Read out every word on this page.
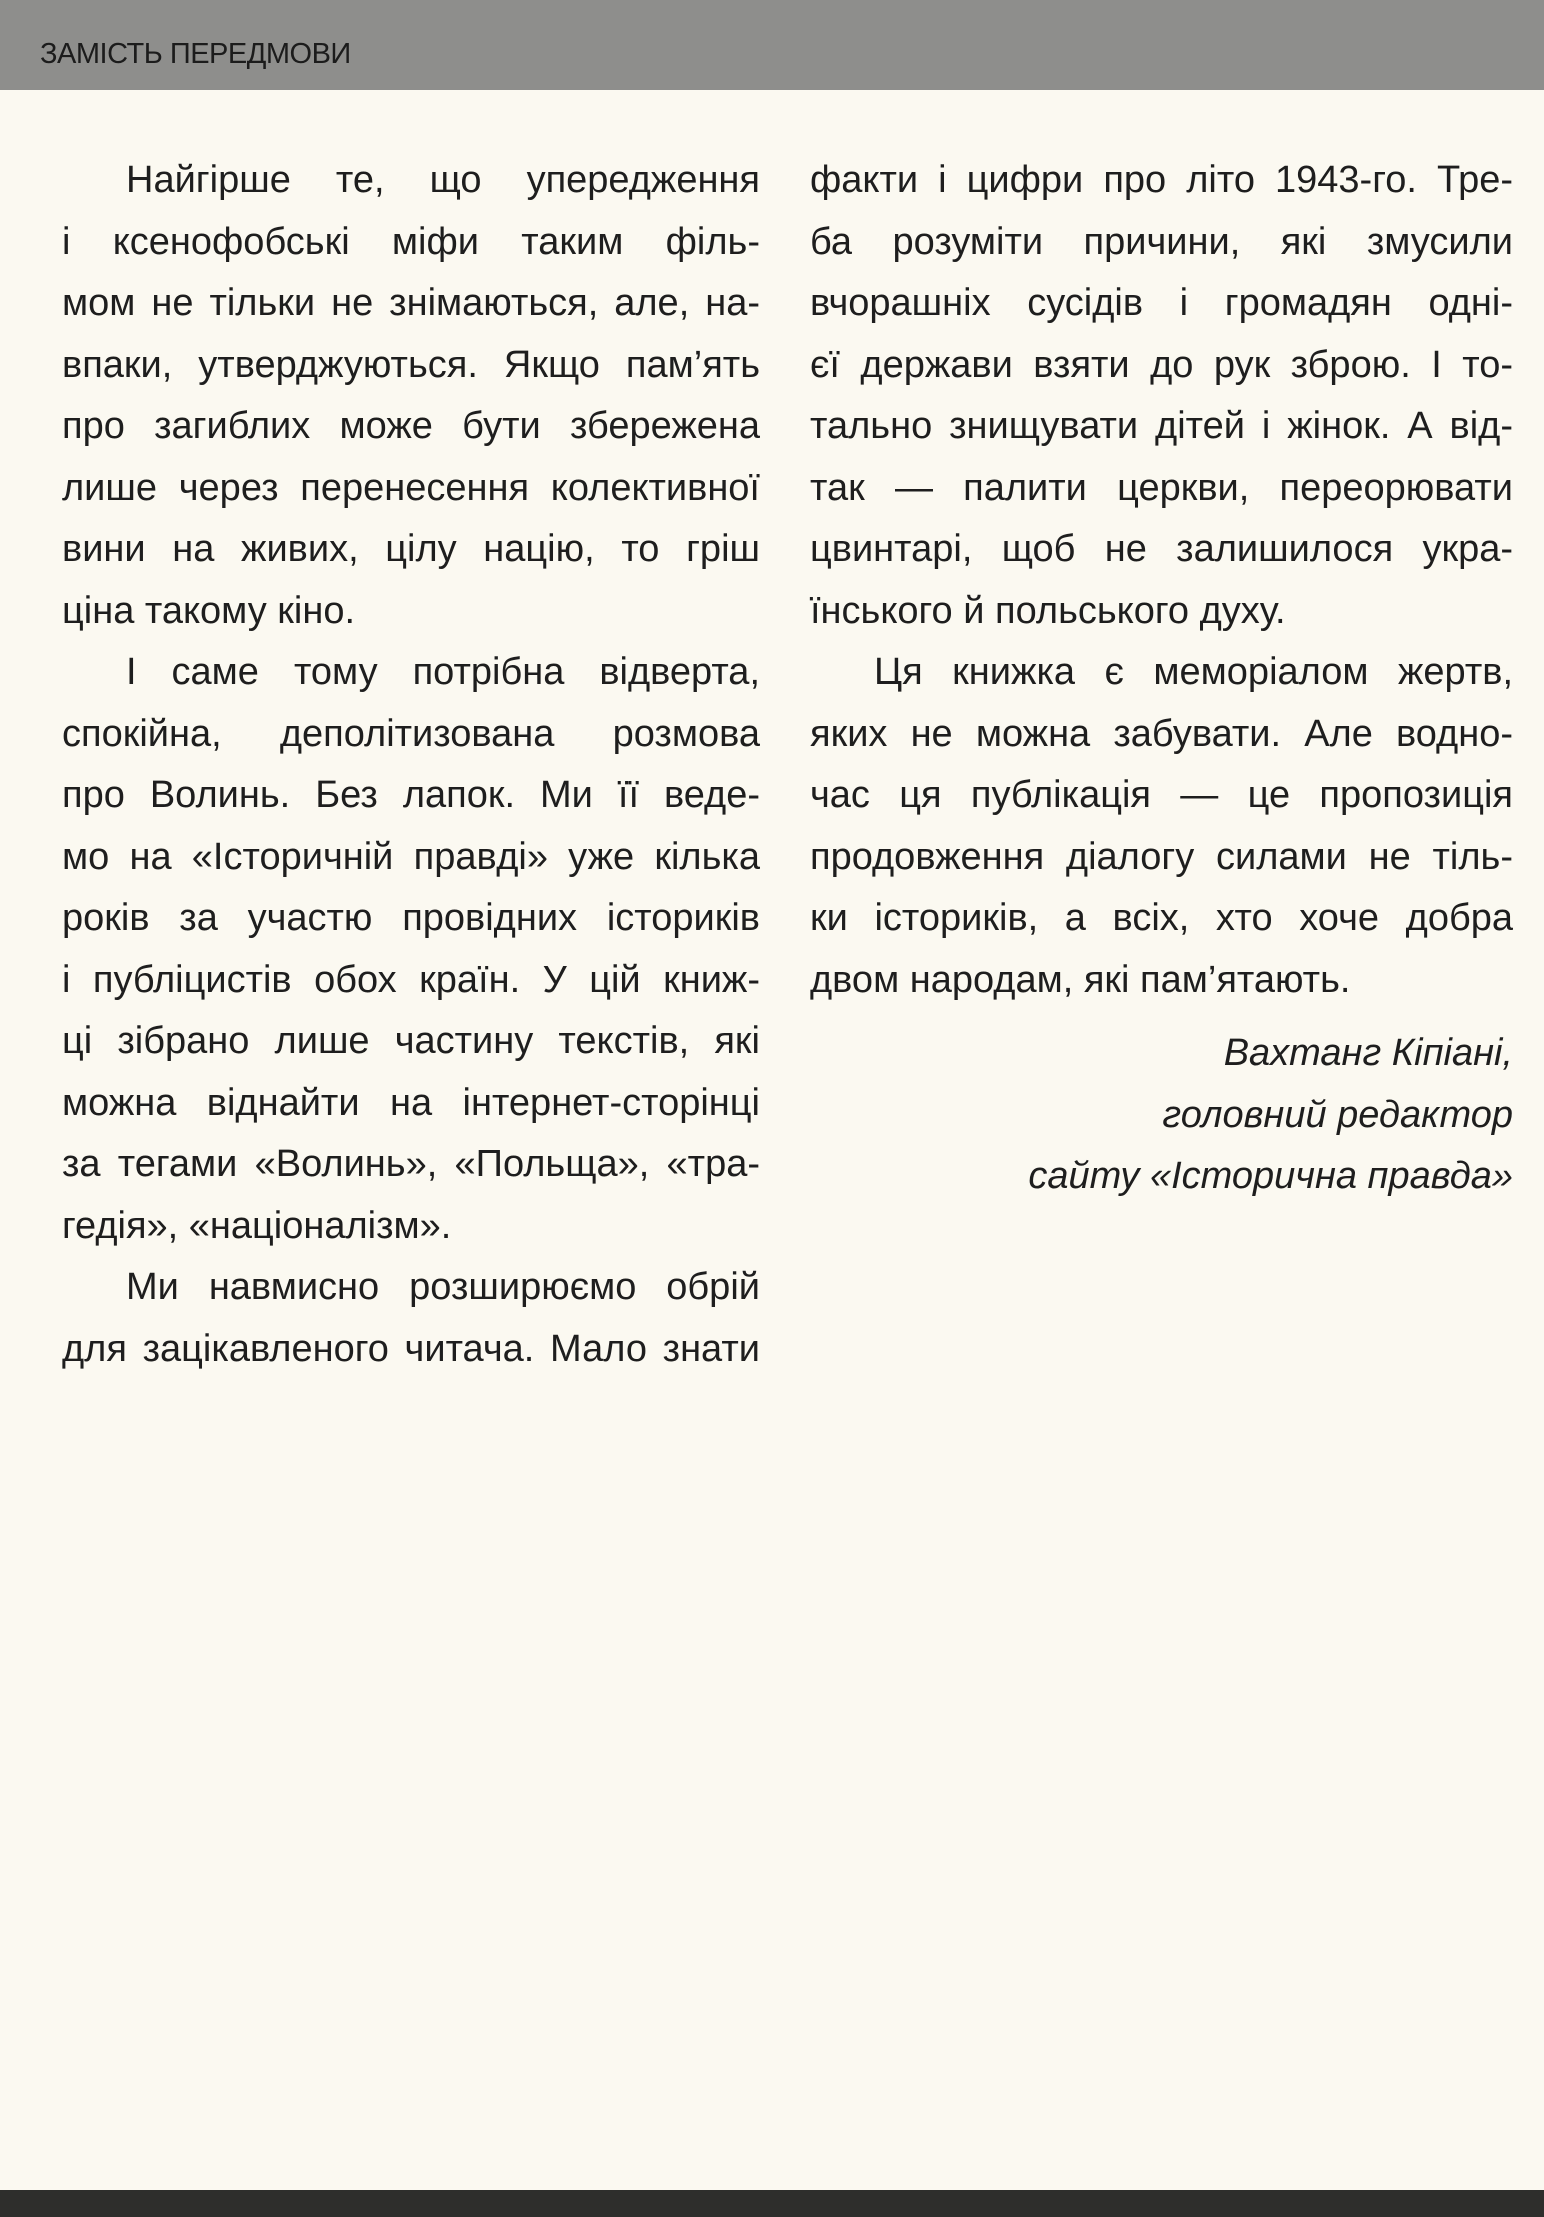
ЗАМІСТЬ ПЕРЕДМОВИ

Найгірше те, що упередження
і ксенофобські міфи таким філь-
мом не тільки не знімаються, але, на-
впаки, утверджуються. Якщо пам’ять
про загиблих може бути збережена
лише через перенесення колективної
вини на живих, цілу націю, то гріш
ціна такому кіно.

І саме тому потрібна відверта,
спокійна, деполітизована розмова
про Волинь. Без лапок. Ми її веде-
мо на «Історичній правді» уже кілька
років за участю провідних істориків
і публіцистів обох країн. У цій книж-
ці зібрано лише частину текстів, які
можна віднайти на інтернет-сторінці
за тегами «Волинь», «Польща», «тра-
гедія», «націоналізм».

Ми навмисно розширюємо обрій
для зацікавленого читача. Мало знати

факти і цифри про літо 1943-го. Тре-
ба розуміти причини, які змусили
вчорашніх сусідів і громадян одні-
єї держави взяти до рук зброю. І то-
тально знищувати дітей і жінок. А від-
так — палити церкви, переорювати
цвинтарі, щоб не залишилося укра-
їнського й польського духу.

Ця книжка є меморіалом жертв,
яких не можна забувати. Але водно-
час ця публікація — це пропозиція
продовження діалогу силами не тіль-
ки істориків, а всіх, хто хоче добра
двом народам, які пам’ятають.

Вахтанг Кіпіані,
головний редактор
сайту «Історична правда»
